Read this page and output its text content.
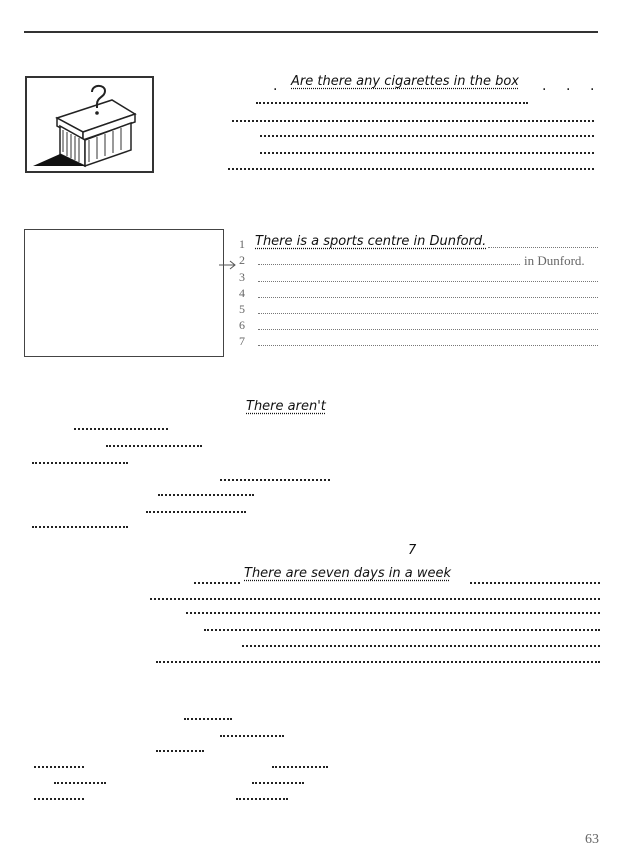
. Are there any cigarettes in the box . . .
1
2
3
4
5
6
7
There is a sports centre in Dunford.
in Dunford.
There aren't
7
There are seven days in a week
63
